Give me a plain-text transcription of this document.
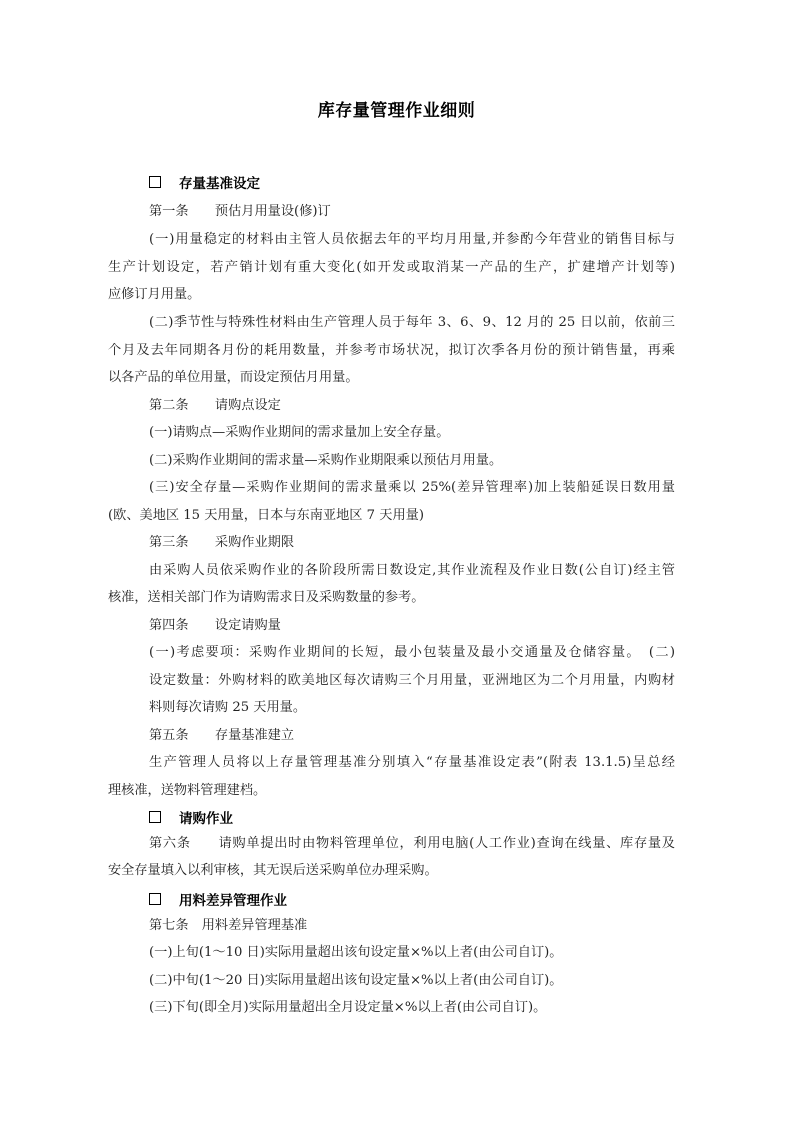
库存量管理作业细则
存量基准设定
第一条　　预估月用量设(修)订
(一)用量稳定的材料由主管人员依据去年的平均月用量,并参酌今年营业的销售目标与
生产计划设定，若产销计划有重大变化(如开发或取消某一产品的生产，扩建增产计划等)
应修订月用量。
(二)季节性与特殊性材料由生产管理人员于每年 3、6、9、12 月的 25 日以前，依前三
个月及去年同期各月份的耗用数量，并参考市场状况，拟订次季各月份的预计销售量，再乘
以各产品的单位用量，而设定预估月用量。
第二条　　请购点设定
(一)请购点—采购作业期间的需求量加上安全存量。
(二)采购作业期间的需求量—采购作业期限乘以预估月用量。
(三)安全存量—采购作业期间的需求量乘以 25%(差异管理率)加上装船延误日数用量
(欧、美地区 15 天用量，日本与东南亚地区 7 天用量)
第三条　　采购作业期限
由采购人员依采购作业的各阶段所需日数设定,其作业流程及作业日数(公自订)经主管
核准，送相关部门作为请购需求日及采购数量的参考。
第四条　　设定请购量
(一)考虑要项：采购作业期间的长短，最小包装量及最小交通量及仓储容量。　(二)
设定数量：外购材料的欧美地区每次请购三个月用量，亚洲地区为二个月用量，内购材
料则每次请购 25 天用量。
第五条　　存量基准建立
生产管理人员将以上存量管理基准分别填入“存量基准设定表”(附表 13.1.5)呈总经
理核准，送物料管理建档。
请购作业
第六条　　请购单提出时由物料管理单位，利用电脑(人工作业)查询在线量、库存量及
安全存量填入以利审核，其无误后送采购单位办理采购。
用料差异管理作业
第七条　用料差异管理基准
(一)上旬(1～10 日)实际用量超出该旬设定量×%以上者(由公司自订)。
(二)中旬(1～20 日)实际用量超出该旬设定量×%以上者(由公司自订)。
(三)下旬(即全月)实际用量超出全月设定量×%以上者(由公司自订)。
